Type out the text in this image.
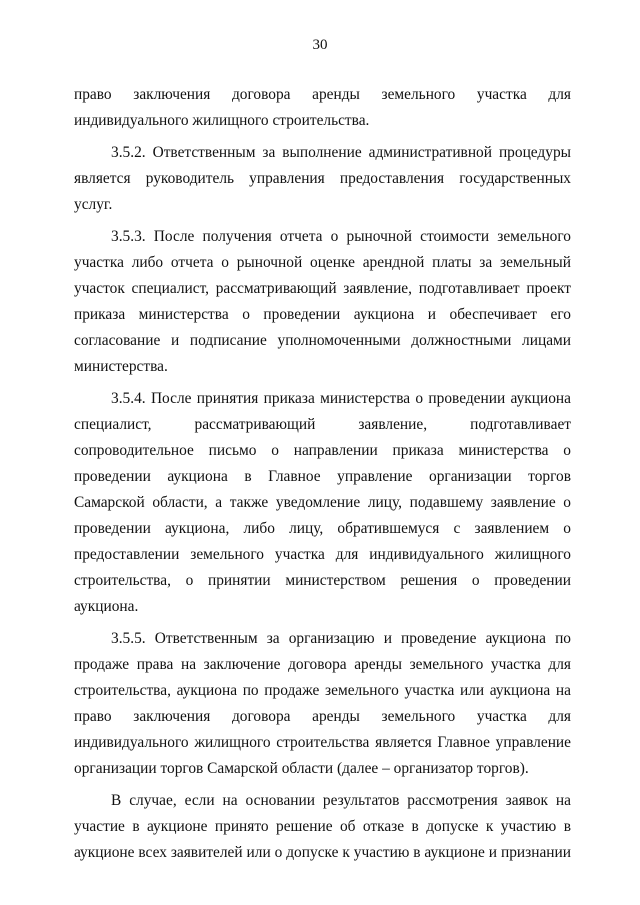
30
право заключения договора аренды земельного участка для
индивидуального жилищного строительства.
3.5.2. Ответственным за выполнение административной процедуры
является руководитель управления предоставления государственных
услуг.
3.5.3. После получения отчета о рыночной стоимости земельного
участка либо отчета о рыночной оценке арендной платы за земельный
участок специалист, рассматривающий заявление, подготавливает проект
приказа министерства о проведении аукциона и обеспечивает его
согласование и подписание уполномоченными должностными лицами
министерства.
3.5.4. После принятия приказа министерства о проведении аукциона
специалист, рассматривающий заявление, подготавливает
сопроводительное письмо о направлении приказа министерства о
проведении аукциона в Главное управление организации торгов
Самарской области, а также уведомление лицу, подавшему заявление о
проведении аукциона, либо лицу, обратившемуся с заявлением о
предоставлении земельного участка для индивидуального жилищного
строительства, о принятии министерством решения о проведении
аукциона.
3.5.5. Ответственным за организацию и проведение аукциона по
продаже права на заключение договора аренды земельного участка для
строительства, аукциона по продаже земельного участка или аукциона на
право заключения договора аренды земельного участка для
индивидуального жилищного строительства является Главное управление
организации торгов Самарской области (далее – организатор торгов).
В случае, если на основании результатов рассмотрения заявок на
участие в аукционе принято решение об отказе в допуске к участию в
аукционе всех заявителей или о допуске к участию в аукционе и признании
